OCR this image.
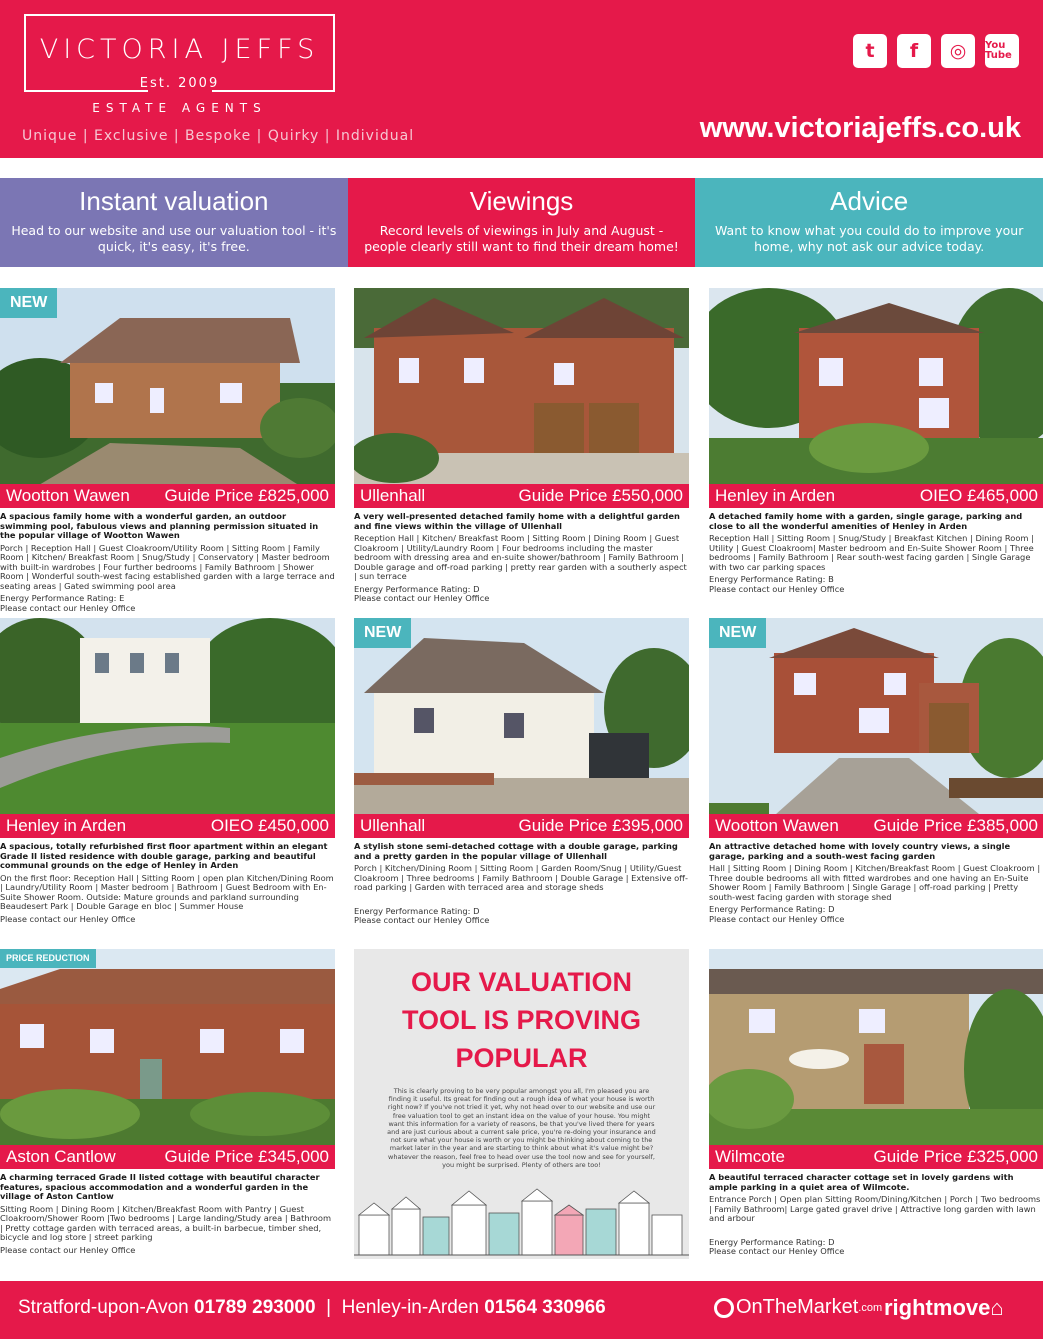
VICTORIA JEFFS
Est. 2009
ESTATE AGENTS
Unique | Exclusive | Bespoke | Quirky | Individual
t	f	◎	You Tube
www.victoriajeffs.co.uk
Instant valuation

Head to our website and use our valuation tool - it's quick, it's easy, it's free.

Viewings

Record levels of viewings in July and August - people clearly still want to find their dream home!

Advice

Want to know what you could do to improve your home, why not ask our advice today.

NEW
Wootton Wawen Guide Price £825,000
A spacious family home with a wonderful garden, an outdoor swimming pool, fabulous views and planning permission situated in the popular village of Wootton Wawen
Porch | Reception Hall | Guest Cloakroom/Utility Room | Sitting Room | Family Room | Kitchen/ Breakfast Room | Snug/Study | Conservatory | Master bedroom with built-in wardrobes | Four further bedrooms | Family Bathroom | Shower Room | Wonderful south-west facing established garden with a large terrace and seating areas | Gated swimming pool area
Energy Performance Rating: E
Please contact our Henley Office
Ullenhall	Guide Price £550,000
A very well-presented detached family home with a delightful garden and fine views within the village of Ullenhall
Reception Hall | Kitchen/ Breakfast Room | Sitting Room | Dining Room | Guest Cloakroom | Utility/Laundry Room | Four bedrooms including the master bedroom with dressing area and en-suite shower/bathroom | Family Bathroom | Double garage and off-road parking | pretty rear garden with a southerly aspect | sun terrace
Energy Performance Rating: D
Please contact our Henley Office
Henley in Arden	OIEO £465,000
A detached family home with a garden, single garage, parking and close to all the wonderful amenities of Henley in Arden
Reception Hall | Sitting Room | Snug/Study | Breakfast Kitchen | Dining Room | Utility | Guest Cloakroom| Master bedroom and En-Suite Shower Room | Three bedrooms | Family Bathroom | Rear south-west facing garden | Single Garage with two car parking spaces
Energy Performance Rating: B
Please contact our Henley Office
Henley in Arden	OIEO £450,000
A spacious, totally refurbished first floor apartment within an elegant Grade II listed residence with double garage, parking and beautiful communal grounds on the edge of Henley in Arden
On the first floor: Reception Hall | Sitting Room | open plan Kitchen/Dining Room | Laundry/Utility Room | Master bedroom | Bathroom | Guest Bedroom with En-Suite Shower Room. Outside: Mature grounds and parkland surrounding Beaudesert Park | Double Garage en bloc | Summer House
Please contact our Henley Office
NEW
Ullenhall	Guide Price £395,000
A stylish stone semi-detached cottage with a double garage, parking and a pretty garden in the popular village of Ullenhall
Porch | Kitchen/Dining Room | Sitting Room | Garden Room/Snug | Utility/Guest Cloakroom | Three bedrooms | Family Bathroom | Double Garage | Extensive off-road parking | Garden with terraced area and storage sheds
Energy Performance Rating: D
Please contact our Henley Office
NEW
Wootton Wawen Guide Price £385,000
An attractive detached home with lovely country views, a single garage, parking and a south-west facing garden
Hall | Sitting Room | Dining Room | Kitchen/Breakfast Room | Guest Cloakroom | Three double bedrooms all with fitted wardrobes and one having an En-Suite Shower Room | Family Bathroom | Single Garage | off-road parking | Pretty south-west facing garden with storage shed
Energy Performance Rating: D
Please contact our Henley Office
PRICE REDUCTION
Aston Cantlow	Guide Price £345,000
A charming terraced Grade II listed cottage with beautiful character features, spacious accommodation and a wonderful garden in the village of Aston Cantlow
Sitting Room | Dining Room | Kitchen/Breakfast Room with Pantry | Guest Cloakroom/Shower Room |Two bedrooms | Large landing/Study area | Bathroom | Pretty cottage garden with terraced areas, a built-in barbecue, timber shed, bicycle and log store | street parking
Please contact our Henley Office
OUR VALUATION
TOOL IS PROVING
POPULAR
This is clearly proving to be very popular amongst you all, I'm pleased you are finding it useful. Its great for finding out a rough idea of what your house is worth right now? If you've not tried it yet, why not head over to our website and use our free valuation tool to get an instant idea on the value of your house. You might want this information for a variety of reasons, be that you've lived there for years and are just curious about a current sale price, you're re-doing your insurance and not sure what your house is worth or you might be thinking about coming to the market later in the year and are starting to think about what it's value might be?whatever the reason, feel free to head over use the tool now and see for yourself, you might be surprised. Plenty of others are too!	Wilmcote	Guide Price £325,000
A beautiful terraced character cottage set in lovely gardens with ample parking in a quiet area of Wilmcote.
Entrance Porch | Open plan Sitting Room/Dining/Kitchen | Porch | Two bedrooms | Family Bathroom| Large gated gravel drive | Attractive long garden with lawn and arbour
Energy Performance Rating: D
Please contact our Henley Office
Stratford-upon-Avon 01789 293000 | Henley-in-Arden 01564 330966	OnTheMarket .com rightmove⌂
